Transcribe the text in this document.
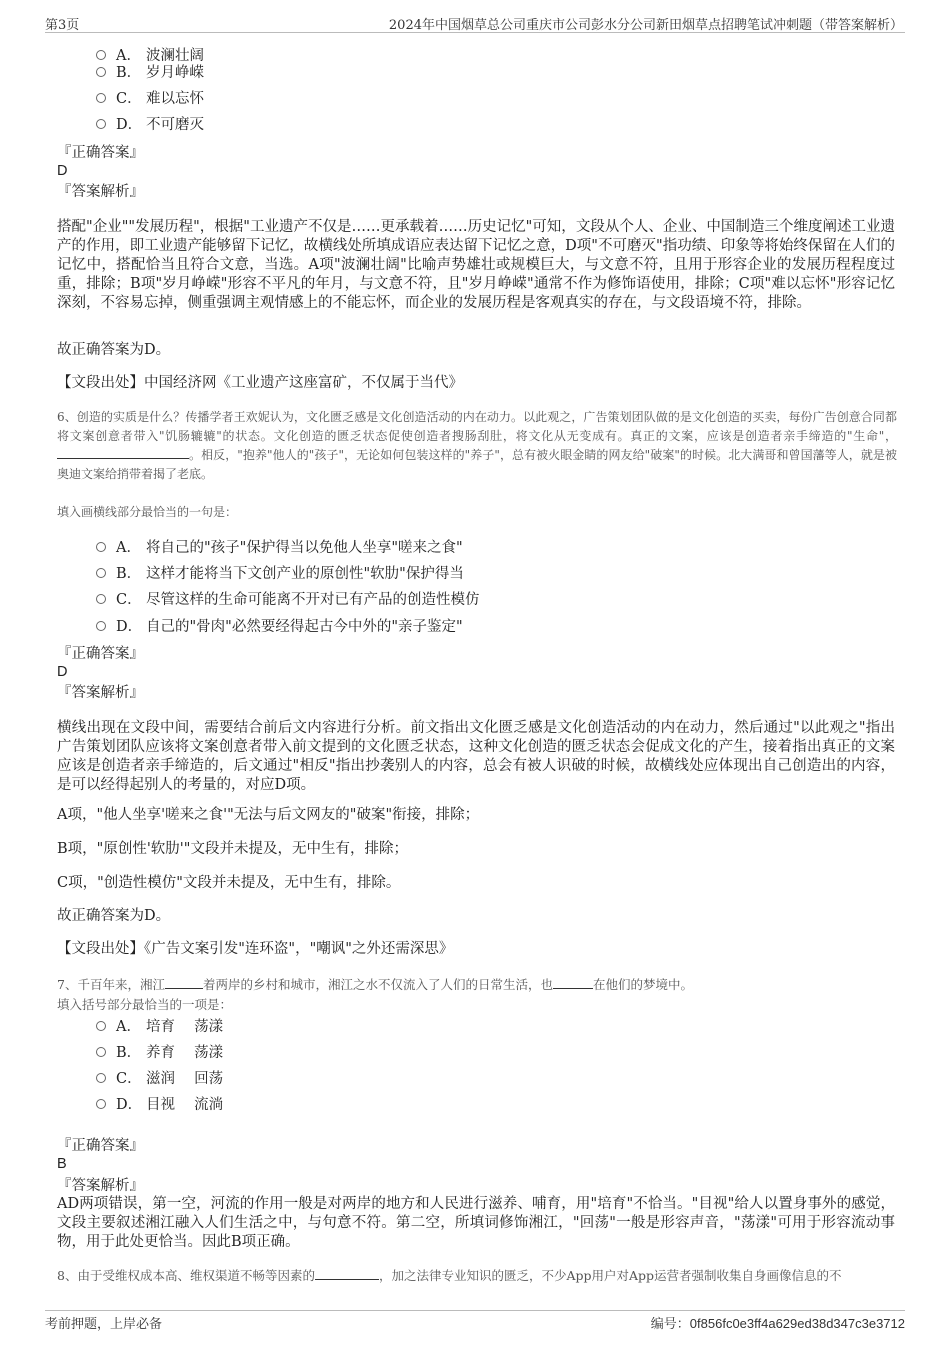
第3页	2024年中国烟草总公司重庆市公司彭水分公司新田烟草点招聘笔试冲刺题（带答案解析）
A． 波澜壮阔
B． 岁月峥嵘
C． 难以忘怀
D． 不可磨灭
『正确答案』
D
『答案解析』
搭配"企业""发展历程"，根据"工业遗产不仅是……更承载着……历史记忆"可知，文段从个人、企业、中国制造三个维度阐述工业遗产的作用，即工业遗产能够留下记忆，故横线处所填成语应表达留下记忆之意，D项"不可磨灭"指功绩、印象等将始终保留在人们的记忆中，搭配恰当且符合文意，当选。A项"波澜壮阔"比喻声势雄壮或规模巨大，与文意不符，且用于形容企业的发展历程程度过重，排除；B项"岁月峥嵘"形容不平凡的年月，与文意不符，且"岁月峥嵘"通常不作为修饰语使用，排除；C项"难以忘怀"形容记忆深刻，不容易忘掉，侧重强调主观情感上的不能忘怀，而企业的发展历程是客观真实的存在，与文段语境不符，排除。
故正确答案为D。
【文段出处】中国经济网《工业遗产这座富矿，不仅属于当代》
6、创造的实质是什么？传播学者王欢妮认为，文化匮乏感是文化创造活动的内在动力。以此观之，广告策划团队做的是文化创造的买卖，每份广告创意合同都将文案创意者带入"饥肠辘辘"的状态。文化创造的匮乏状态促使创造者搜肠刮肚，将文化从无变成有。真正的文案，应该是创造者亲手缔造的"生命"，。相反，"抱养"他人的"孩子"，无论如何包装这样的"养子"，总有被火眼金睛的网友给"破案"的时候。北大满哥和曾国藩等人，就是被奥迪文案给捎带着揭了老底。
填入画横线部分最恰当的一句是：
A． 将自己的"孩子"保护得当以免他人坐享"嗟来之食"
B． 这样才能将当下文创产业的原创性"软肋"保护得当
C． 尽管这样的生命可能离不开对已有产品的创造性模仿
D． 自己的"骨肉"必然要经得起古今中外的"亲子鉴定"
『正确答案』
D
『答案解析』
横线出现在文段中间，需要结合前后文内容进行分析。前文指出文化匮乏感是文化创造活动的内在动力，然后通过"以此观之"指出广告策划团队应该将文案创意者带入前文提到的文化匮乏状态，这种文化创造的匮乏状态会促成文化的产生，接着指出真正的文案应该是创造者亲手缔造的，后文通过"相反"指出抄袭别人的内容，总会有被人识破的时候，故横线处应体现出自己创造出的内容，是可以经得起别人的考量的，对应D项。
A项，"他人坐享'嗟来之食'"无法与后文网友的"破案"衔接，排除；
B项，"原创性'软肋'"文段并未提及，无中生有，排除；
C项，"创造性模仿"文段并未提及，无中生有，排除。
故正确答案为D。
【文段出处】《广告文案引发"连环盗"，"嘲讽"之外还需深思》
7、千百年来，湘江	着两岸的乡村和城市，湘江之水不仅流入了人们的日常生活，也	在他们的梦境中。
填入括号部分最恰当的一项是：
A． 培育　 荡漾
B． 养育　 荡漾
C． 滋润　 回荡
D． 目视　 流淌
『正确答案』
B
『答案解析』
AD两项错误，第一空，河流的作用一般是对两岸的地方和人民进行滋养、哺育，用"培育"不恰当。"目视"给人以置身事外的感觉，文段主要叙述湘江融入人们生活之中，与句意不符。第二空，所填词修饰湘江，"回荡"一般是形容声音，"荡漾"可用于形容流动事物，用于此处更恰当。因此B项正确。
8、由于受维权成本高、维权渠道不畅等因素的	，加之法律专业知识的匮乏，不少App用户对App运营者强制收集自身画像信息的不
考前押题，上岸必备	编号：0f856fc0e3ff4a629ed38d347c3e3712
